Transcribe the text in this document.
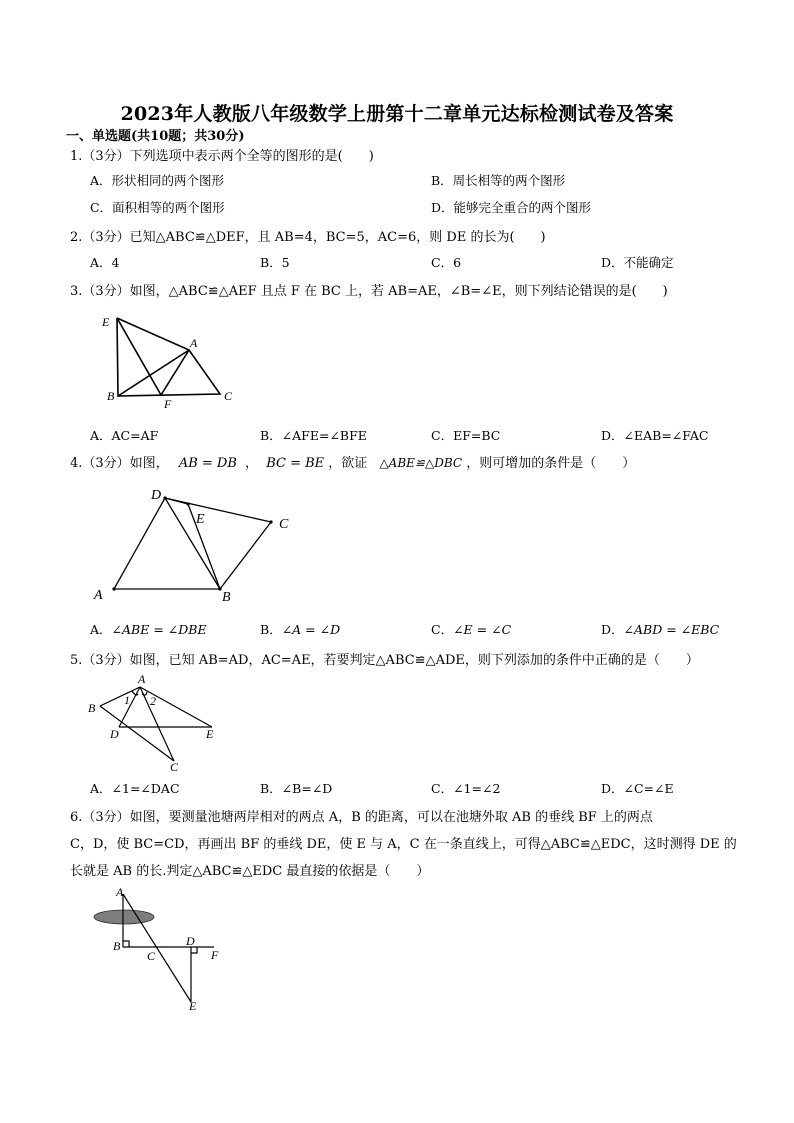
2023年人教版八年级数学上册第十二章单元达标检测试卷及答案
一、单选题(共10题；共30分)
1.（3分）下列选项中表示两个全等的图形的是(　　)
A．形状相同的两个图形	B．周长相等的两个图形
C．面积相等的两个图形	D．能够完全重合的两个图形
2.（3分）已知△ABC≌△DEF，且 AB=4，BC=5，AC=6，则 DE 的长为(　　)
A．4	B．5	C．6	D．不能确定
3.（3分）如图，△ABC≌△AEF 且点 F 在 BC 上，若 AB=AE，∠B=∠E，则下列结论错误的是(　　)
E
A
B
F
C
A．AC=AF	B．∠AFE=∠BFE	C．EF=BC	D．∠EAB=∠FAC
4.（3分）如图， AB = DB ， BC = BE ，欲证 △ABE≌△DBC ，则可增加的条件是（　　）
D
E	C
A	B
A．∠ABE = ∠DBE	B．∠A = ∠D	C．∠E = ∠C	D．∠ABD = ∠EBC
5.（3分）如图，已知 AB=AD，AC=AE，若要判定△ABC≌△ADE，则下列添加的条件中正确的是（　　）
A
B
1 2
D	E
C
A．∠1=∠DAC	B．∠B=∠D	C．∠1=∠2	D．∠C=∠E
6.（3分）如图，要测量池塘两岸相对的两点 A，B 的距离，可以在池塘外取 AB 的垂线 BF 上的两点
C，D，使 BC=CD，再画出 BF 的垂线 DE，使 E 与 A，C 在一条直线上，可得△ABC≌△EDC，这时测得 DE 的
长就是 AB 的长.判定△ABC≌△EDC 最直接的依据是（　　）
A
B
C
D
F
E
